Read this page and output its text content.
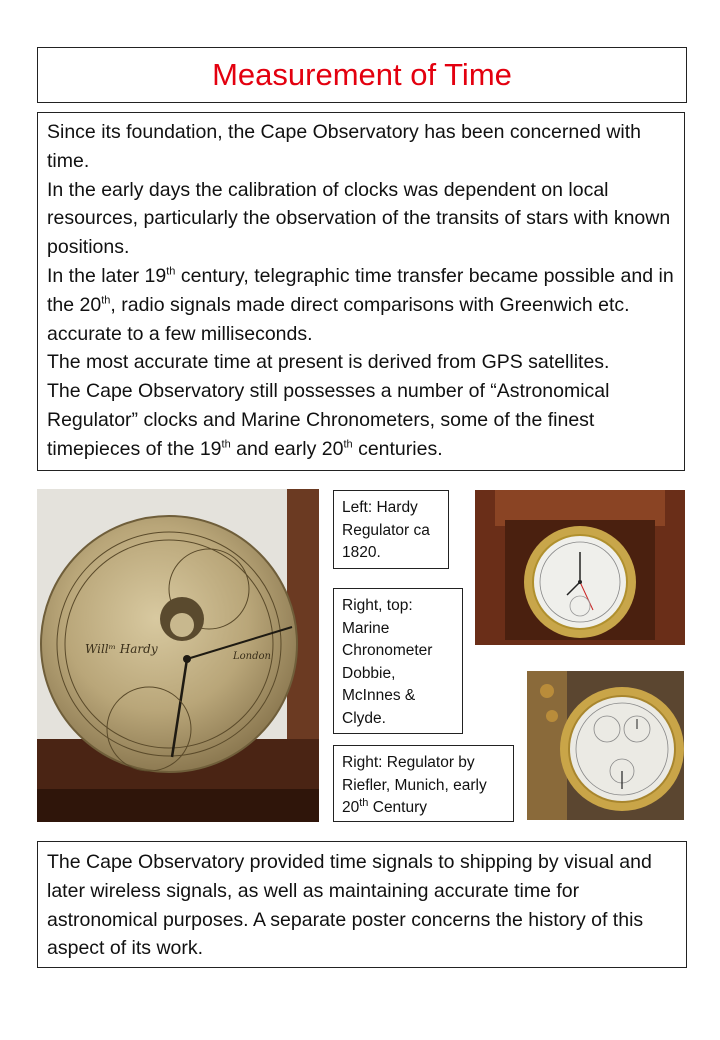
Measurement of Time

Since its foundation, the Cape Observatory has been concerned with time.

In the early days the calibration of clocks was dependent on local resources, particularly the observation of the transits of stars with known positions.

In the later 19th century, telegraphic time transfer became possible and in the 20th, radio signals made direct comparisons with Greenwich etc. accurate to a few milliseconds.

The most accurate time at present is derived from GPS satellites.

The Cape Observatory still possesses a number of “Astronomical Regulator” clocks and Marine Chronometers, some of the finest timepieces of the 19th and early 20th centuries.

Willᵐ Hardy
London

Left: Hardy Regulator ca 1820.

Right, top: Marine Chronometer Dobbie, McInnes & Clyde.

Right: Regulator by Riefler, Munich, early 20th Century

The Cape Observatory provided time signals to shipping by visual and later wireless signals, as well as maintaining accurate time for astronomical purposes. A separate poster concerns the history of this aspect of its work.
